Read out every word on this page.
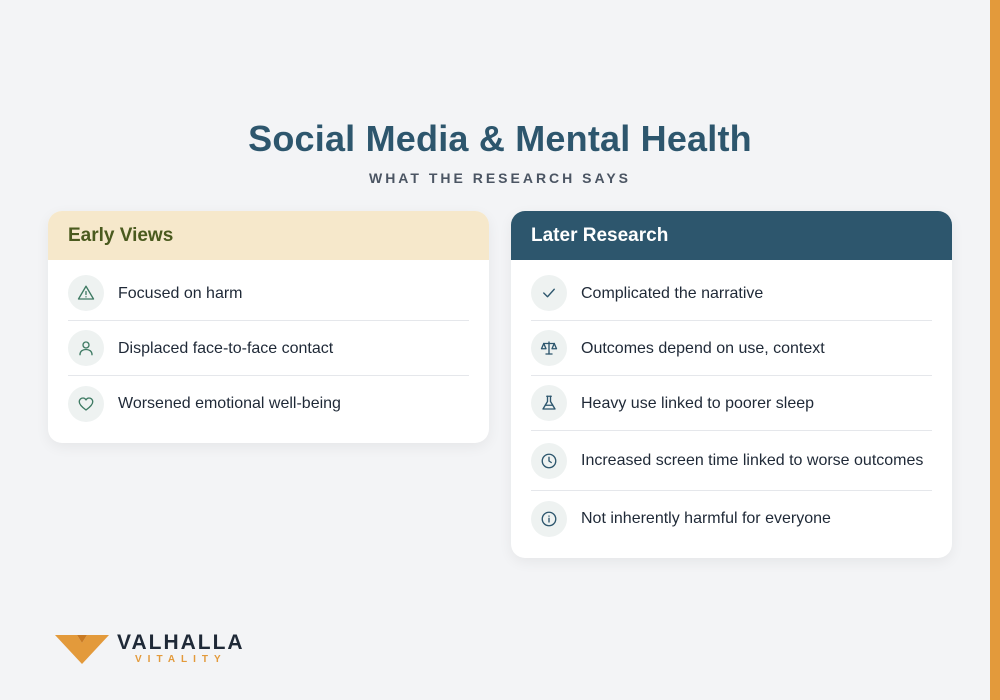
Social Media & Mental Health
WHAT THE RESEARCH SAYS
Early Views
Focused on harm
Displaced face-to-face contact
Worsened emotional well-being
Later Research
Complicated the narrative
Outcomes depend on use, context
Heavy use linked to poorer sleep
Increased screen time linked to worse outcomes
Not inherently harmful for everyone
VALHALLA
VITALITY
